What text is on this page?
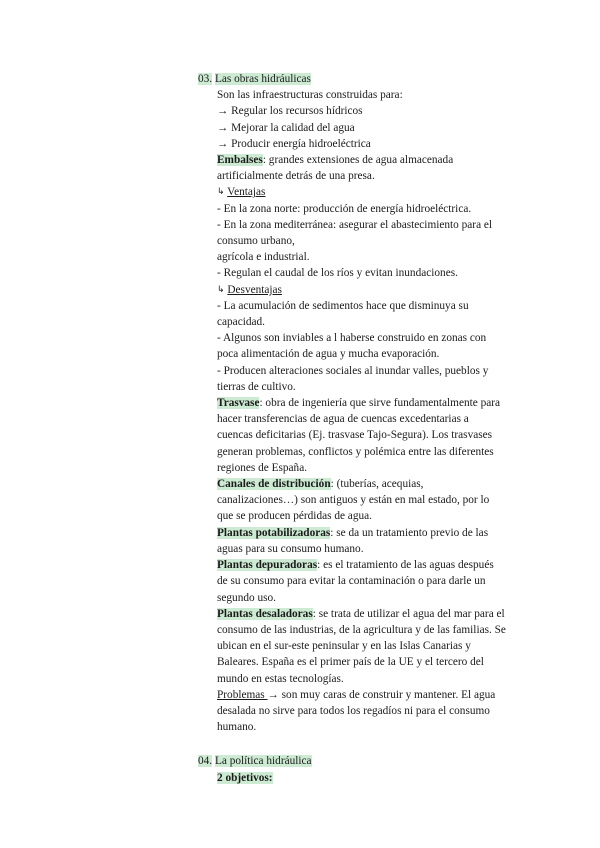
03. Las obras hidráulicas
Son las infraestructuras construidas para:
→ Regular los recursos hídricos
→ Mejorar la calidad del agua
→ Producir energía hidroeléctrica
Embalses: grandes extensiones de agua almacenada
artificialmente detrás de una presa.
↳ Ventajas
- En la zona norte: producción de energía hidroeléctrica.
- En la zona mediterránea: asegurar el abastecimiento para el
consumo urbano,
agrícola e industrial.
- Regulan el caudal de los ríos y evitan inundaciones.
↳ Desventajas
- La acumulación de sedimentos hace que disminuya su
capacidad.
- Algunos son inviables a l haberse construido en zonas con
poca alimentación de agua y mucha evaporación.
- Producen alteraciones sociales al inundar valles, pueblos y
tierras de cultivo.
Trasvase: obra de ingeniería que sirve fundamentalmente para
hacer transferencias de agua de cuencas excedentarias a
cuencas deficitarias (Ej. trasvase Tajo-Segura). Los trasvases
generan problemas, conflictos y polémica entre las diferentes
regiones de España.
Canales de distribución: (tuberías, acequias,
canalizaciones…) son antiguos y están en mal estado, por lo
que se producen pérdidas de agua.
Plantas potabilizadoras: se da un tratamiento previo de las
aguas para su consumo humano.
Plantas depuradoras: es el tratamiento de las aguas después
de su consumo para evitar la contaminación o para darle un
segundo uso.
Plantas desaladoras: se trata de utilizar el agua del mar para el
consumo de las industrias, de la agricultura y de las familias. Se
ubican en el sur-este peninsular y en las Islas Canarias y
Baleares. España es el primer país de la UE y el tercero del
mundo en estas tecnologías.
Problemas → son muy caras de construir y mantener. El agua
desalada no sirve para todos los regadíos ni para el consumo
humano.
04. La política hidráulica
2 objetivos:
